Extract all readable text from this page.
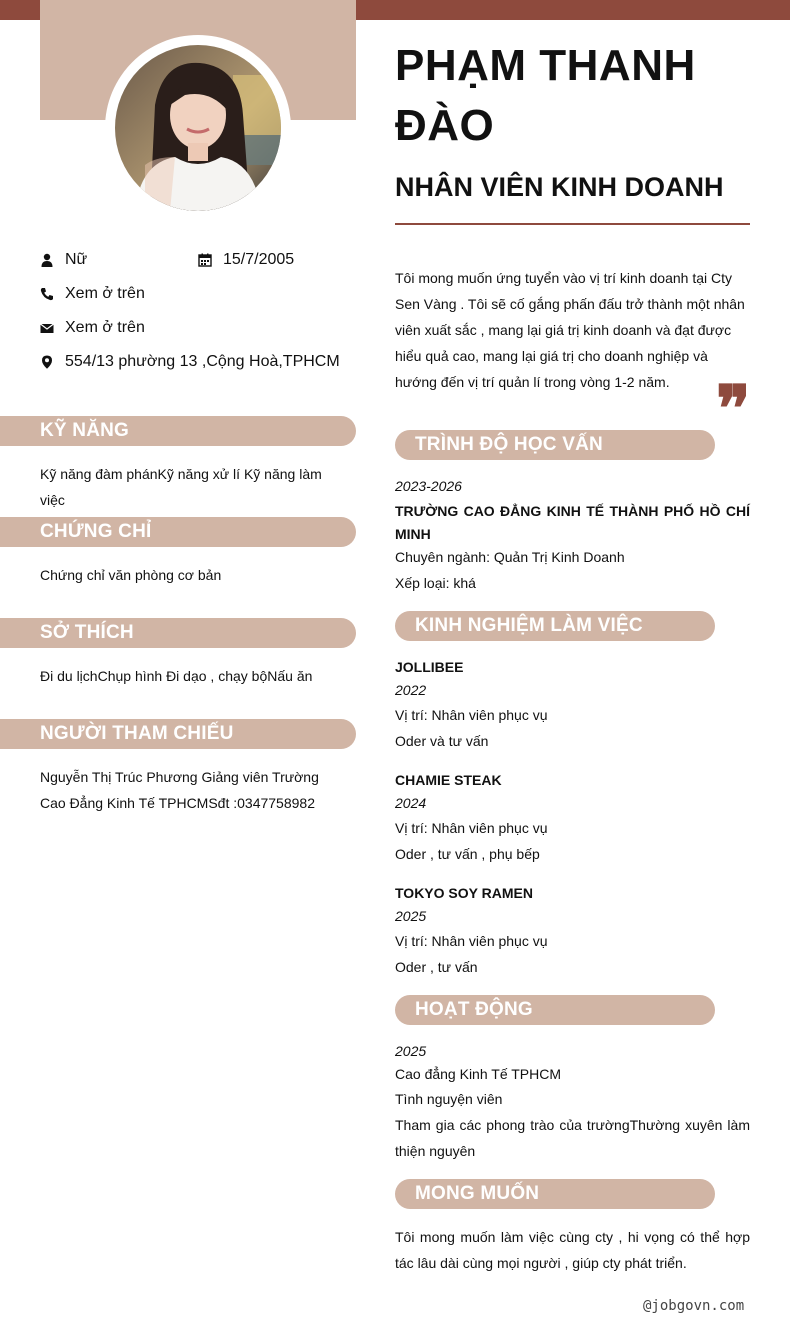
Nữ	15/7/2005
Xem ở trên
Xem ở trên
554/13 phường 13 ,Cộng Hoà,TPHCM
KỸ NĂNG
Kỹ năng đàm phánKỹ năng xử lí Kỹ năng làm việc
CHỨNG CHỈ
Chứng chỉ văn phòng cơ bản
SỞ THÍCH
Đi du lịchChụp hình Đi dạo , chạy bộNấu ăn
NGƯỜI THAM CHIẾU
Nguyễn Thị Trúc Phương Giảng viên Trường Cao Đẳng Kinh Tế TPHCMSđt :0347758982
PHẠM THANH ĐÀO
NHÂN VIÊN KINH DOANH
Tôi mong muốn ứng tuyển vào vị trí kinh doanh tại Cty Sen Vàng . Tôi sẽ cố gắng phấn đấu trở thành một nhân viên xuất sắc , mang lại giá trị kinh doanh và đạt được hiểu quả cao, mang lại giá trị cho doanh nghiệp và hướng đến vị trí quản lí trong vòng 1-2 năm. ❞
TRÌNH ĐỘ HỌC VẤN
2023-2026
TRƯỜNG CAO ĐẲNG KINH TẾ THÀNH PHỐ HỒ CHÍ MINH
Chuyên ngành: Quản Trị Kinh Doanh
Xếp loại: khá
KINH NGHIỆM LÀM VIỆC
JOLLIBEE
2022
Vị trí: Nhân viên phục vụ
Oder và tư vấn
CHAMIE STEAK
2024
Vị trí: Nhân viên phục vụ
Oder , tư vấn , phụ bếp
TOKYO SOY RAMEN
2025
Vị trí: Nhân viên phục vụ
Oder , tư vấn
HOẠT ĐỘNG
2025
Cao đẳng Kinh Tế TPHCM
Tình nguyện viên
Tham gia các phong trào của trườngThường xuyên làm thiện nguyên
MONG MUỐN
Tôi mong muốn làm việc cùng cty , hi vọng có thể hợp tác lâu dài cùng mọi người , giúp cty phát triển.
@jobgovn.com
